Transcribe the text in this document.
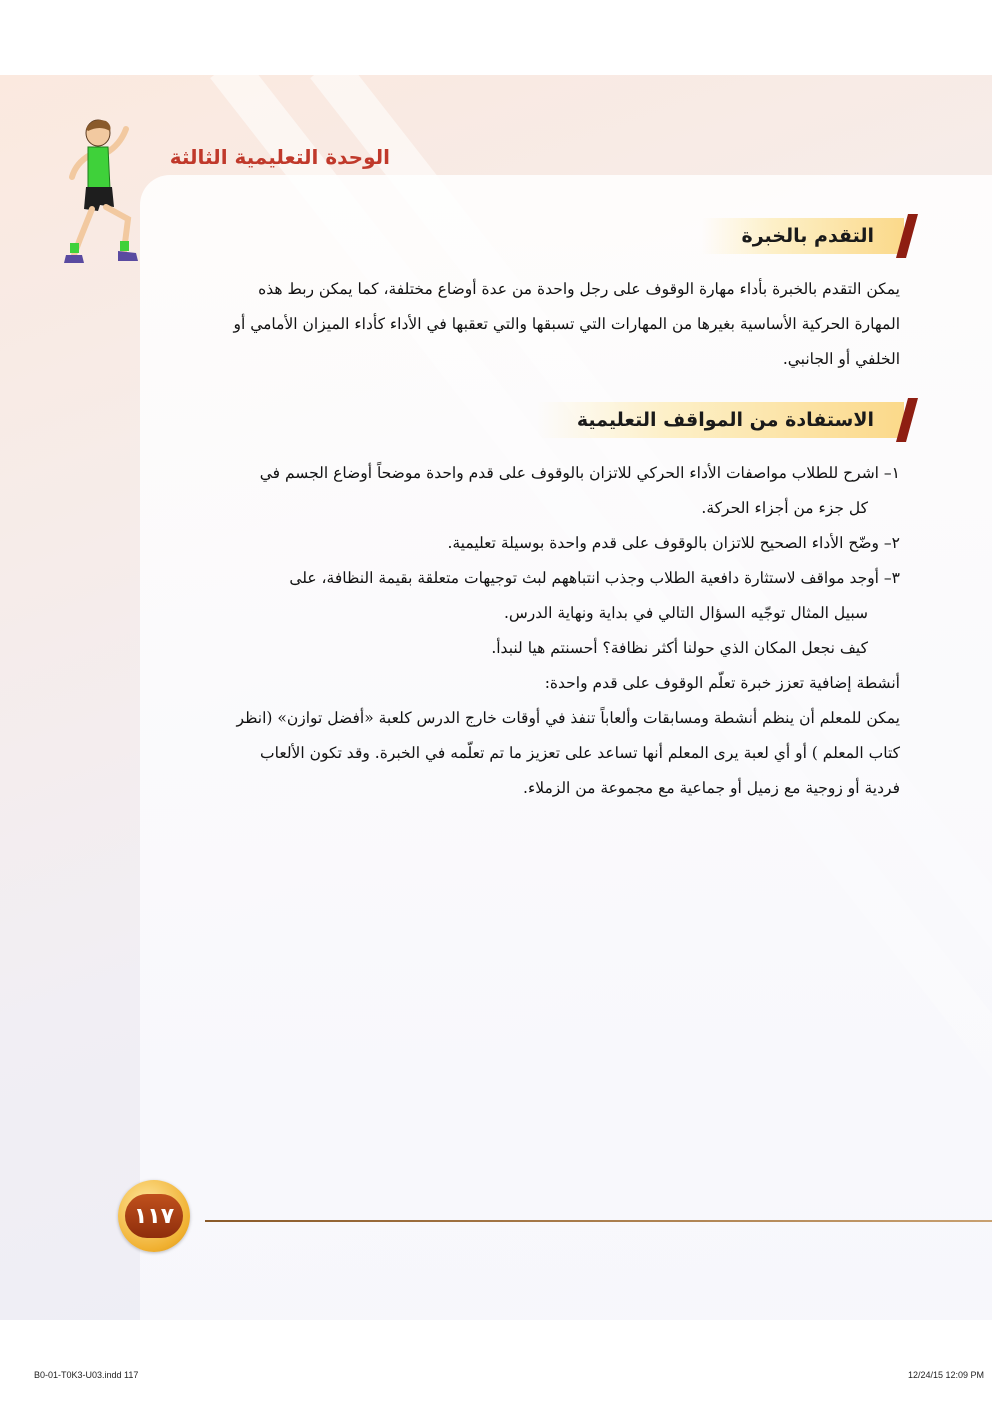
الوحدة التعليمية الثالثة
التقدم بالخبرة
يمكن التقدم بالخبرة بأداء مهارة الوقوف على رجل واحدة من عدة أوضاع مختلفة، كما يمكن ربط هذه
المهارة الحركية الأساسية بغيرها من المهارات التي تسبقها والتي تعقبها في الأداء كأداء الميزان الأمامي أو
الخلفي أو الجانبي.
الاستفادة من المواقف التعليمية
١– اشرح للطلاب مواصفات الأداء الحركي للاتزان بالوقوف على قدم واحدة موضحاً أوضاع الجسم في
كل جزء من أجزاء الحركة.
٢– وضّح الأداء الصحيح للاتزان بالوقوف على قدم واحدة بوسيلة تعليمية.
٣– أوجد مواقف لاستثارة دافعية الطلاب وجذب انتباههم لبث توجيهات متعلقة بقيمة النظافة، على
سبيل المثال توجّيه السؤال التالي في بداية ونهاية الدرس.
كيف نجعل المكان الذي حولنا أكثر نظافة؟ أحسنتم هيا لنبدأ.
أنشطة إضافية تعزز خبرة تعلّم الوقوف على قدم واحدة:
يمكن للمعلم أن ينظم أنشطة ومسابقات وألعاباً تنفذ في أوقات خارج الدرس كلعبة «أفضل توازن» (انظر
كتاب المعلم ) أو أي لعبة يرى المعلم أنها تساعد على تعزيز ما تم تعلّمه في الخبرة. وقد تكون الألعاب
فردية أو زوجية مع زميل أو جماعية مع مجموعة من الزملاء.
١١٧
B0-01-T0K3-U03.indd 117	12/24/15 12:09 PM
